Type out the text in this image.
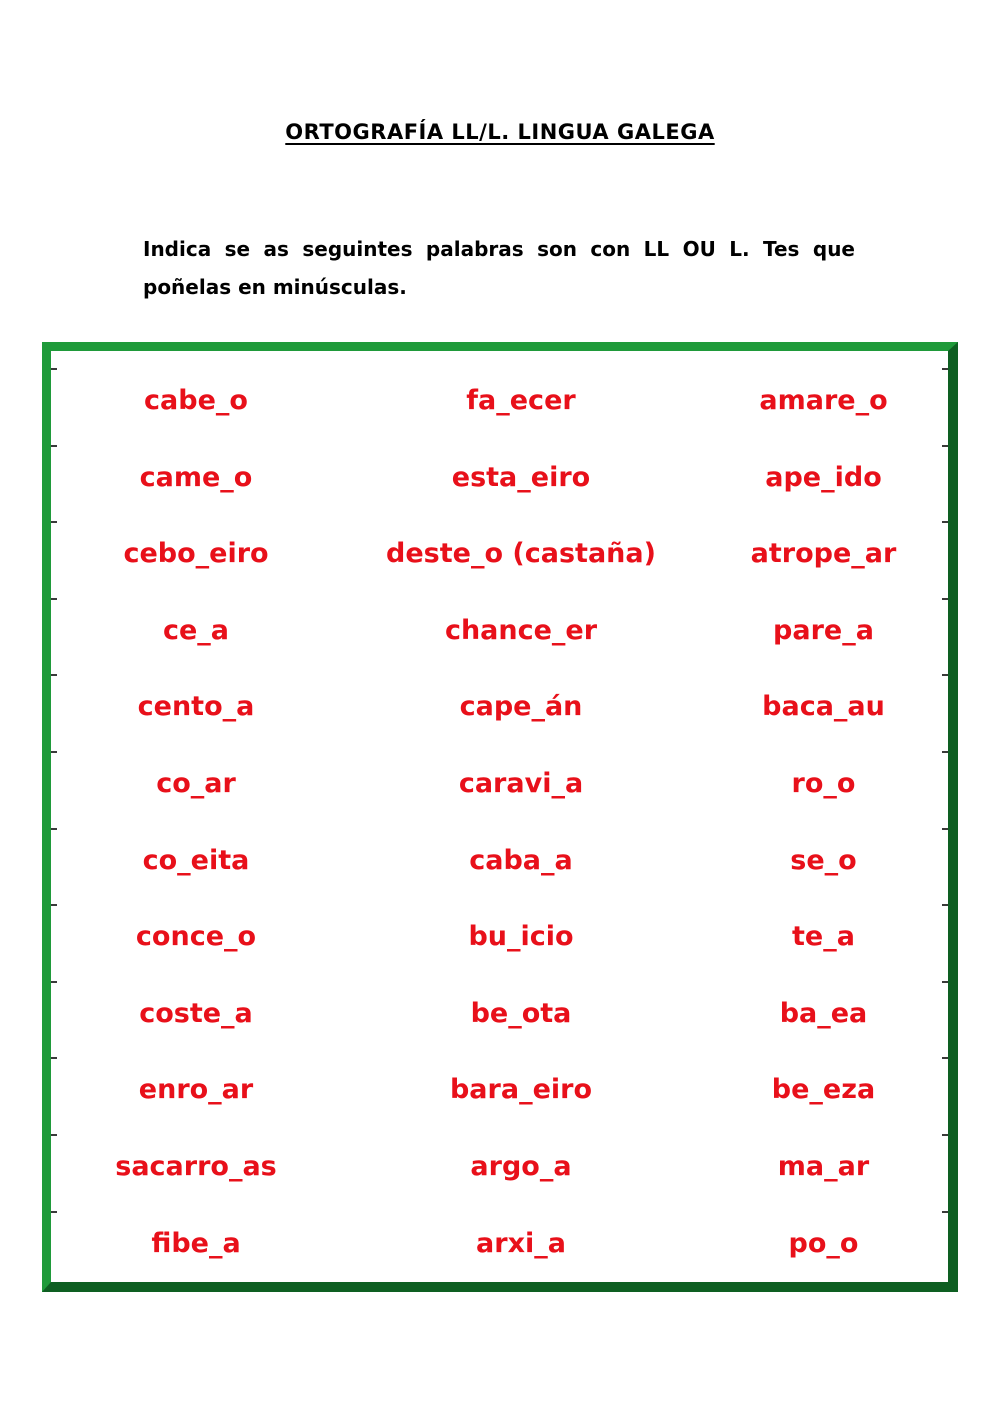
ORTOGRAFÍA LL/L. LINGUA GALEGA
Indica se as seguintes palabras son con LL OU L. Tes que poñelas en minúsculas.
cabe_o	fa_ecer	amare_o
came_o	esta_eiro	ape_ido
cebo_eiro	deste_o (castaña)	atrope_ar
ce_a	chance_er	pare_a
cento_a	cape_án	baca_au
co_ar	caravi_a	ro_o
co_eita	caba_a	se_o
conce_o	bu_icio	te_a
coste_a	be_ota	ba_ea
enro_ar	bara_eiro	be_eza
sacarro_as	argo_a	ma_ar
fibe_a	arxi_a	po_o
